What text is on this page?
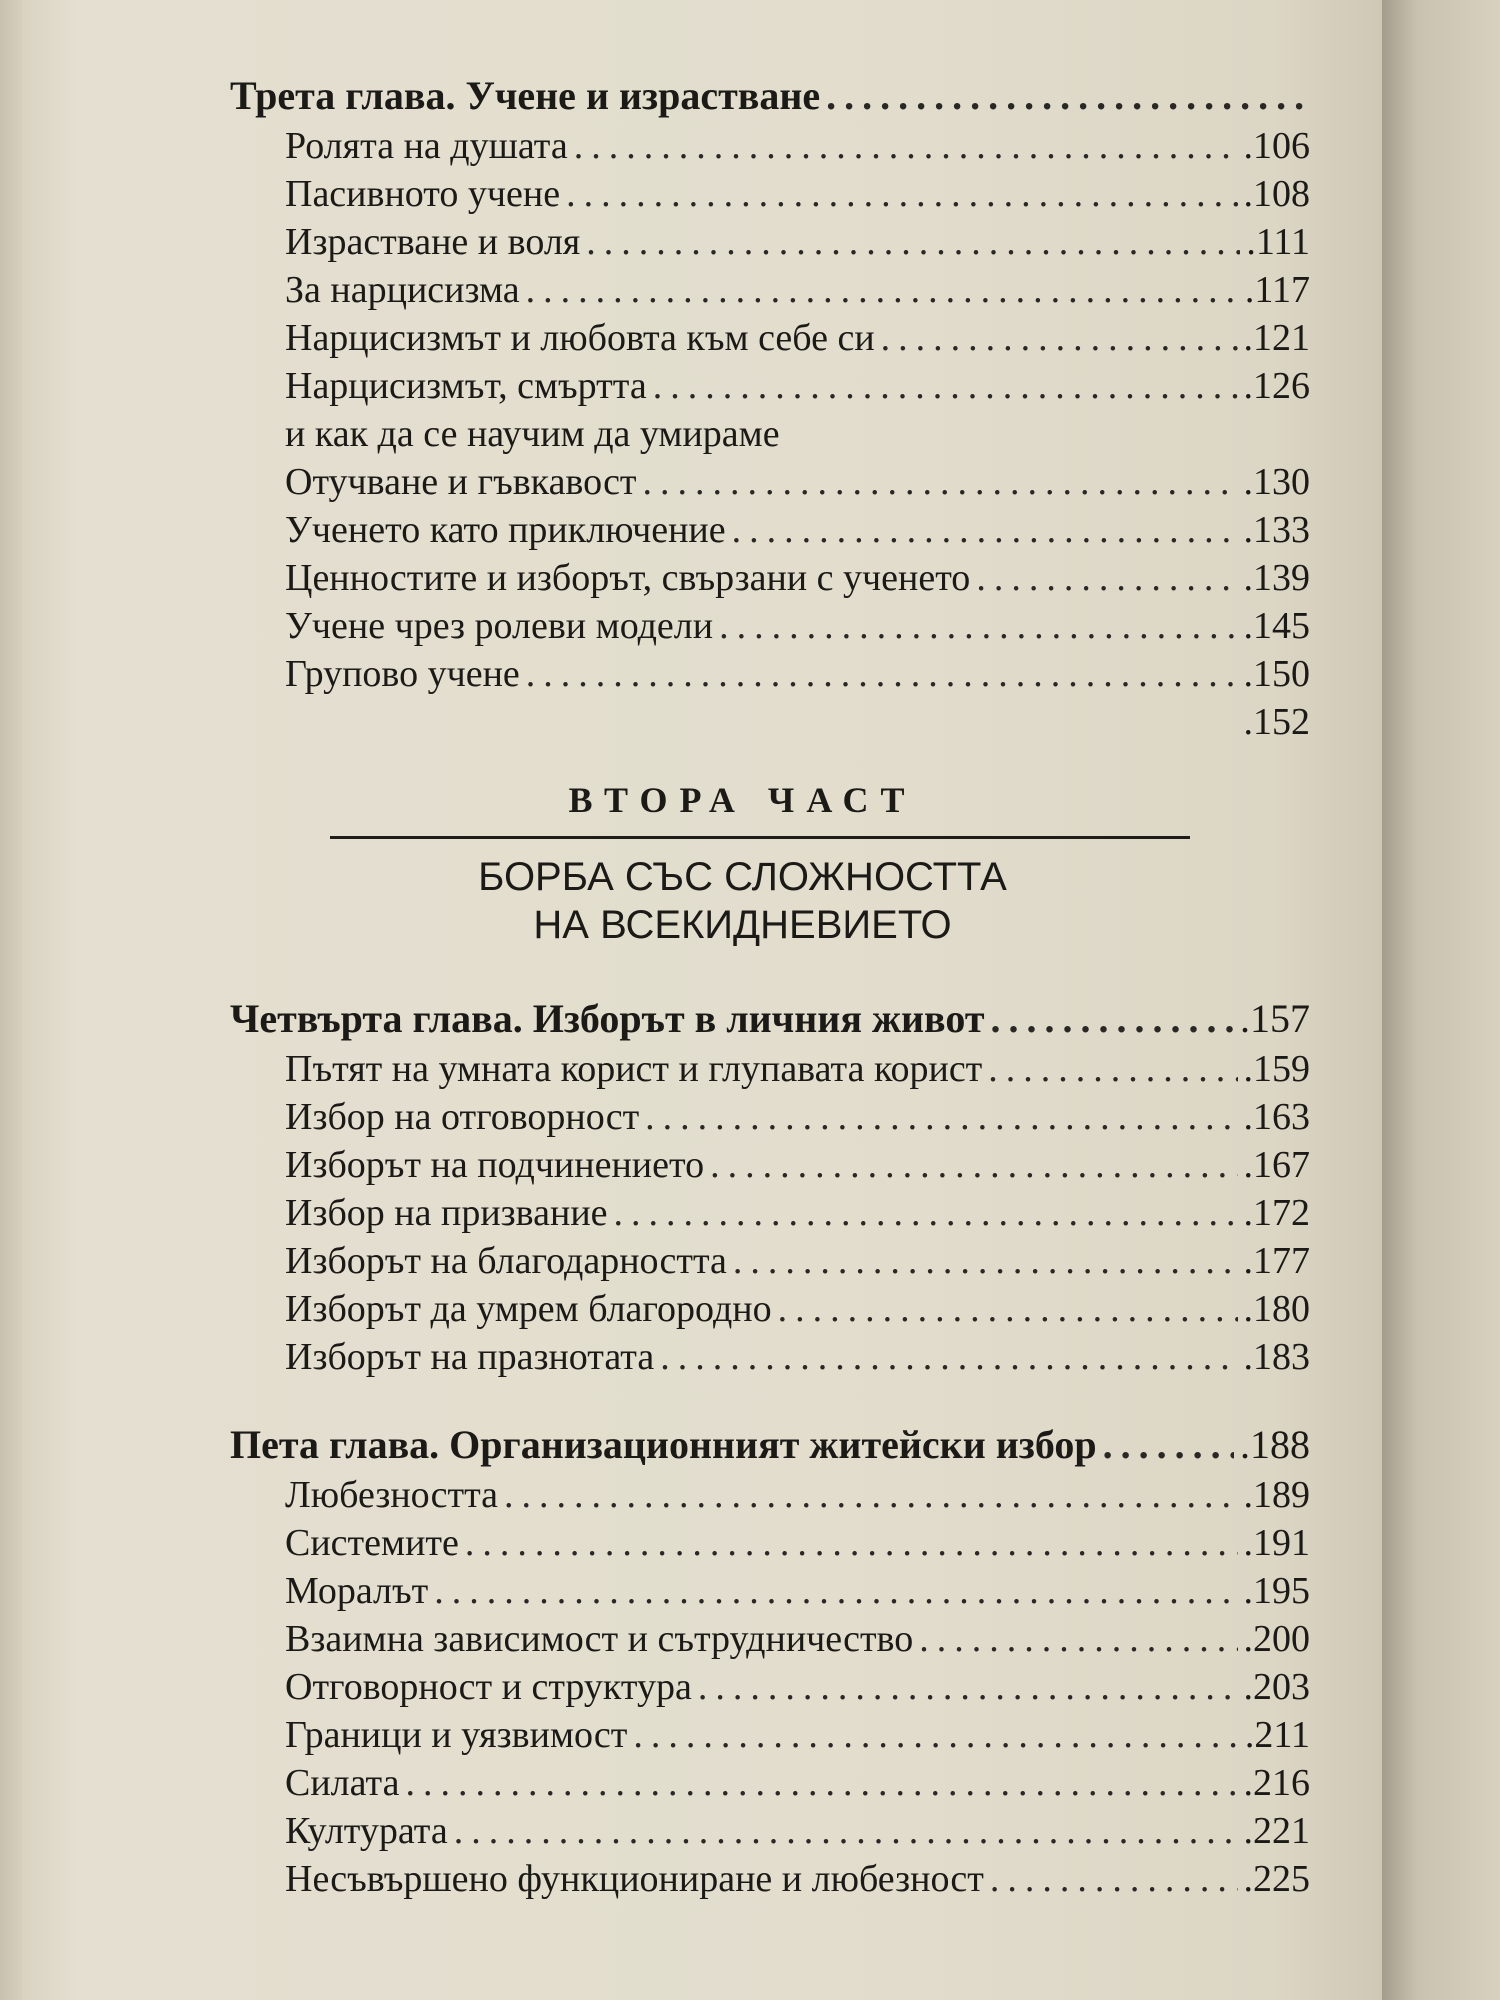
Трета глава. Учене и израстване
.....
Ролята на душата .....	.106
Пасивното учене .....	.108
Израстване и воля .....	.111
За нарцисизма .....	.117
Нарцисизмът и любовта към себе си .....	.121
Нарцисизмът, смъртта .....	.126
и как да се научим да умираме
Отучване и гъвкавост .....	.130
Ученето като приключение .....	.133
Ценностите и изборът, свързани с ученето .....	.139
Учене чрез ролеви модели .....	.145
Групово учене .....	.150
.152
ВТОРА ЧАСТ
БОРБА СЪС СЛОЖНОСТТА
НА ВСЕКИДНЕВИЕТО
Четвърта глава. Изборът в личния живот .....	.157
Пътят на умната корист и глупавата корист .....	.159
Избор на отговорност .....	.163
Изборът на подчинението .....	.167
Избор на призвание .....	.172
Изборът на благодарността .....	.177
Изборът да умрем благородно .....	.180
Изборът на празнотата .....	.183
Пета глава. Организационният житейски избор .....	.188
Любезността .....	.189
Системите .....	.191
Моралът .....	.195
Взаимна зависимост и сътрудничество .....	.200
Отговорност и структура .....	.203
Граници и уязвимост .....	.211
Силата .....	.216
Културата .....	.221
Несъвършено функциониране и любезност .....	.225
